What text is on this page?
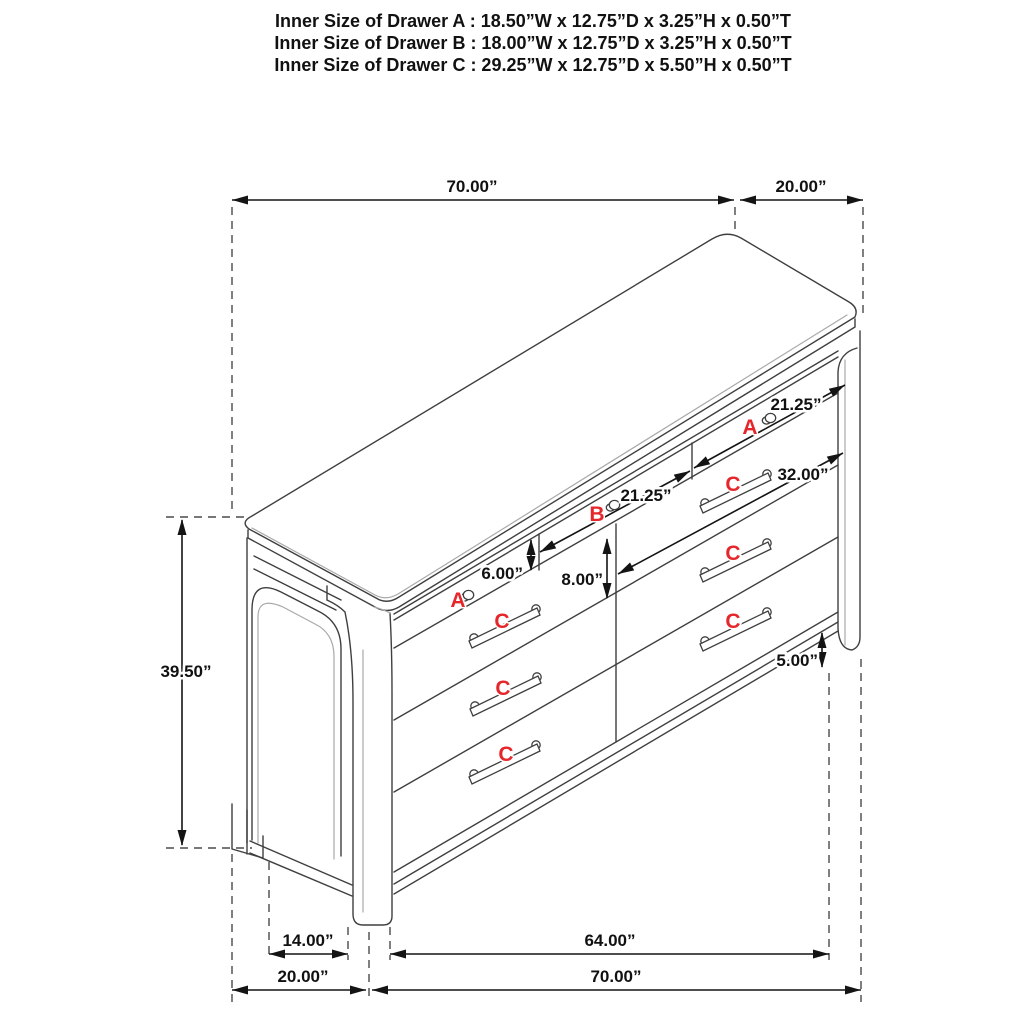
Inner Size of Drawer A : 18.50”W x 12.75”D x 3.25”H x 0.50”T
Inner Size of Drawer B : 18.00”W x 12.75”D x 3.25”H x 0.50”T
Inner Size of Drawer C : 29.25”W x 12.75”D x 5.50”H x 0.50”T
70.00”	20.00”
39.50”
21.25”
21.25”
32.00”
6.00” 8.00”
5.00”
14.00”	64.00”
20.00”	70.00”
A
B
A
C
C
C
C
C
C
